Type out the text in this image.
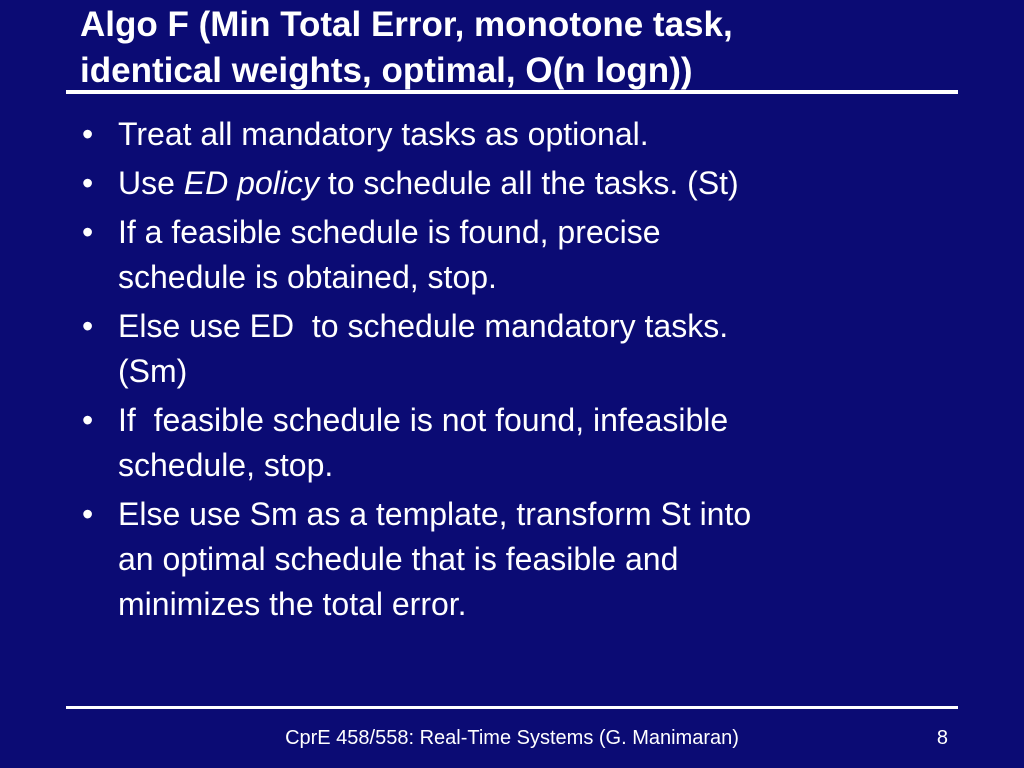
Algo F (Min Total Error, monotone task,
identical weights, optimal, O(n logn))
• Treat all mandatory tasks as optional.
• Use ED policy to schedule all the tasks. (St)
• If a feasible schedule is found, precise
schedule is obtained, stop.
• Else use ED  to schedule mandatory tasks.
(Sm)
• If  feasible schedule is not found, infeasible
schedule, stop.
• Else use Sm as a template, transform St into
an optimal schedule that is feasible and
minimizes the total error.
CprE 458/558: Real-Time Systems (G. Manimaran)	8
